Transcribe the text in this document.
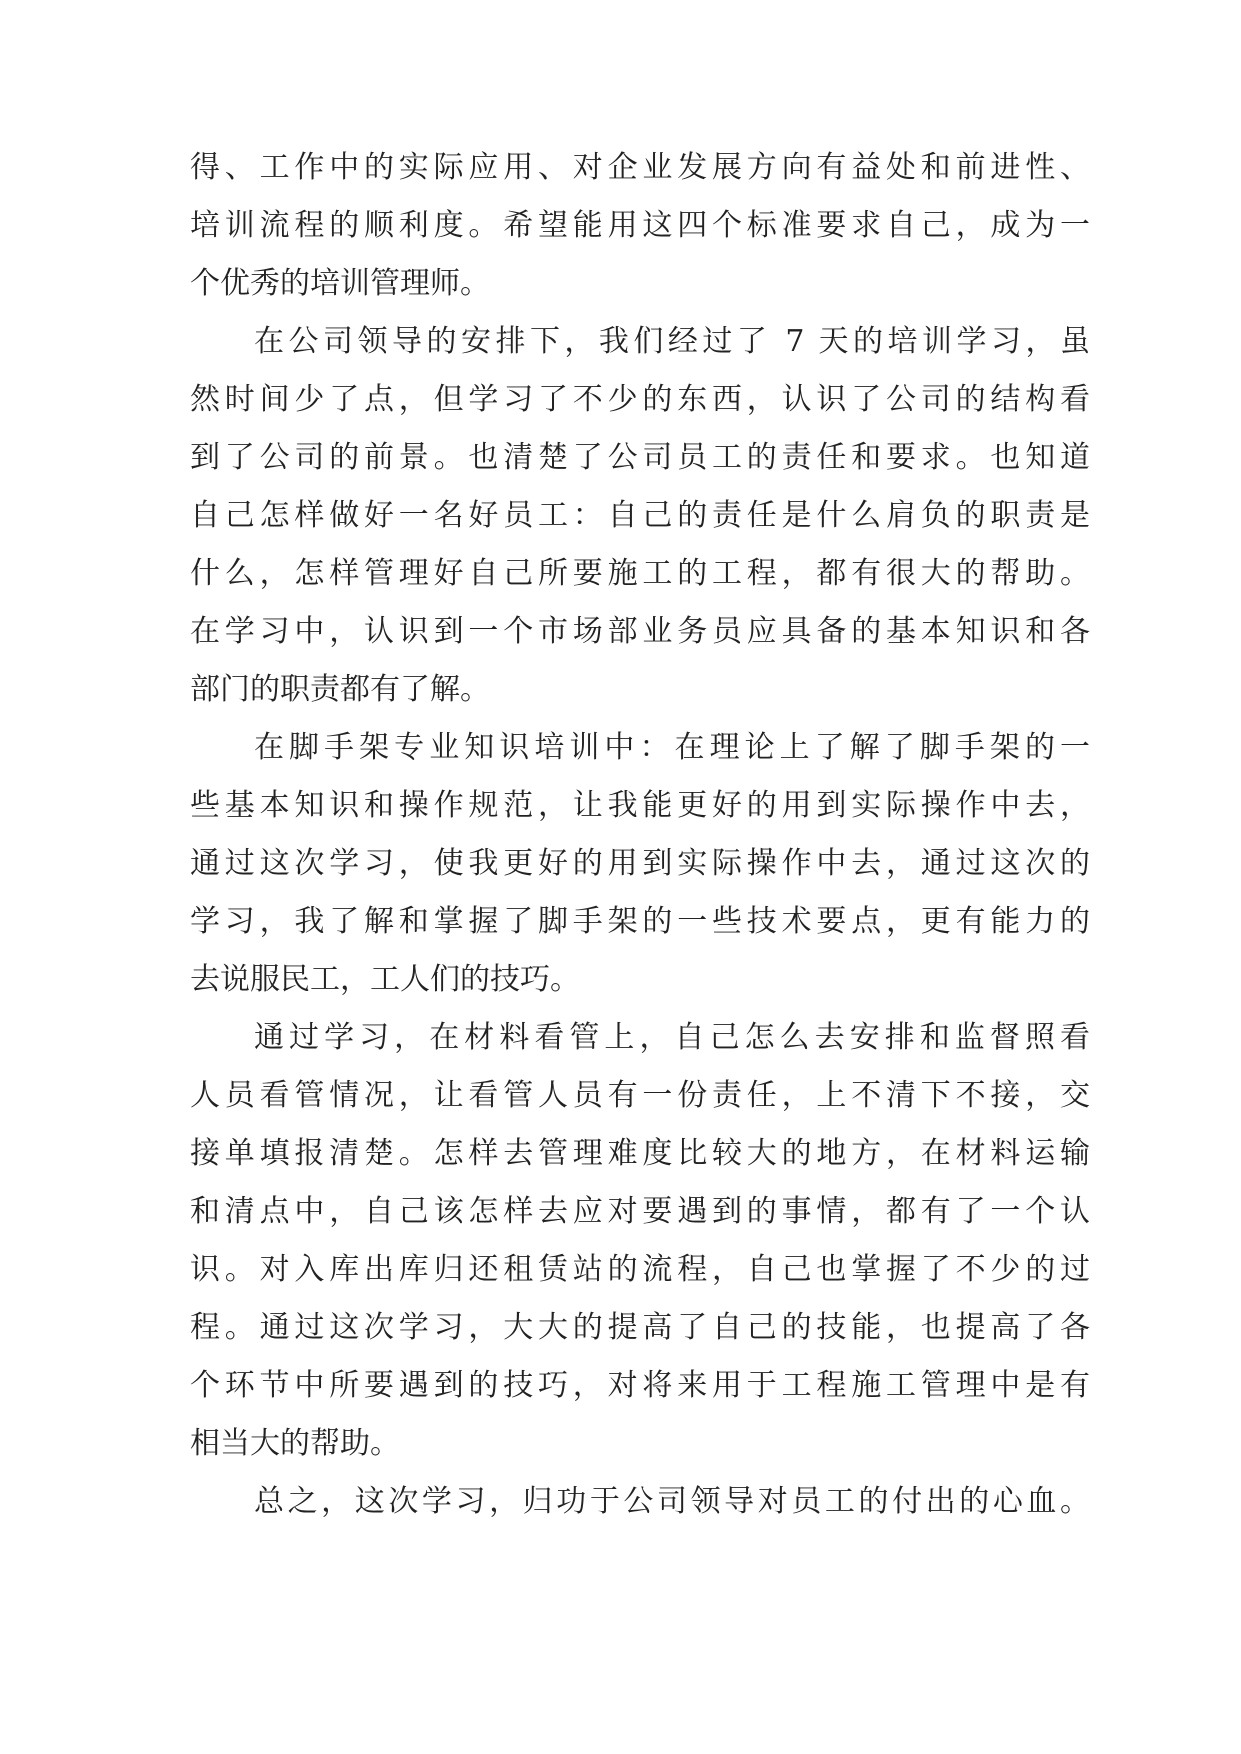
得、工作中的实际应用、对企业发展方向有益处和前进性、

培训流程的顺利度。希望能用这四个标准要求自己，成为一

个优秀的培训管理师。

在公司领导的安排下，我们经过了 7 天的培训学习，虽

然时间少了点，但学习了不少的东西，认识了公司的结构看

到了公司的前景。也清楚了公司员工的责任和要求。也知道

自己怎样做好一名好员工：自己的责任是什么肩负的职责是

什么，怎样管理好自己所要施工的工程，都有很大的帮助。

在学习中，认识到一个市场部业务员应具备的基本知识和各

部门的职责都有了解。

在脚手架专业知识培训中：在理论上了解了脚手架的一

些基本知识和操作规范，让我能更好的用到实际操作中去，

通过这次学习，使我更好的用到实际操作中去，通过这次的

学习，我了解和掌握了脚手架的一些技术要点，更有能力的

去说服民工，工人们的技巧。

通过学习，在材料看管上，自己怎么去安排和监督照看

人员看管情况，让看管人员有一份责任，上不清下不接，交

接单填报清楚。怎样去管理难度比较大的地方，在材料运输

和清点中，自己该怎样去应对要遇到的事情，都有了一个认

识。对入库出库归还租赁站的流程，自己也掌握了不少的过

程。通过这次学习，大大的提高了自己的技能，也提高了各

个环节中所要遇到的技巧，对将来用于工程施工管理中是有

相当大的帮助。

总之，这次学习，归功于公司领导对员工的付出的心血。
